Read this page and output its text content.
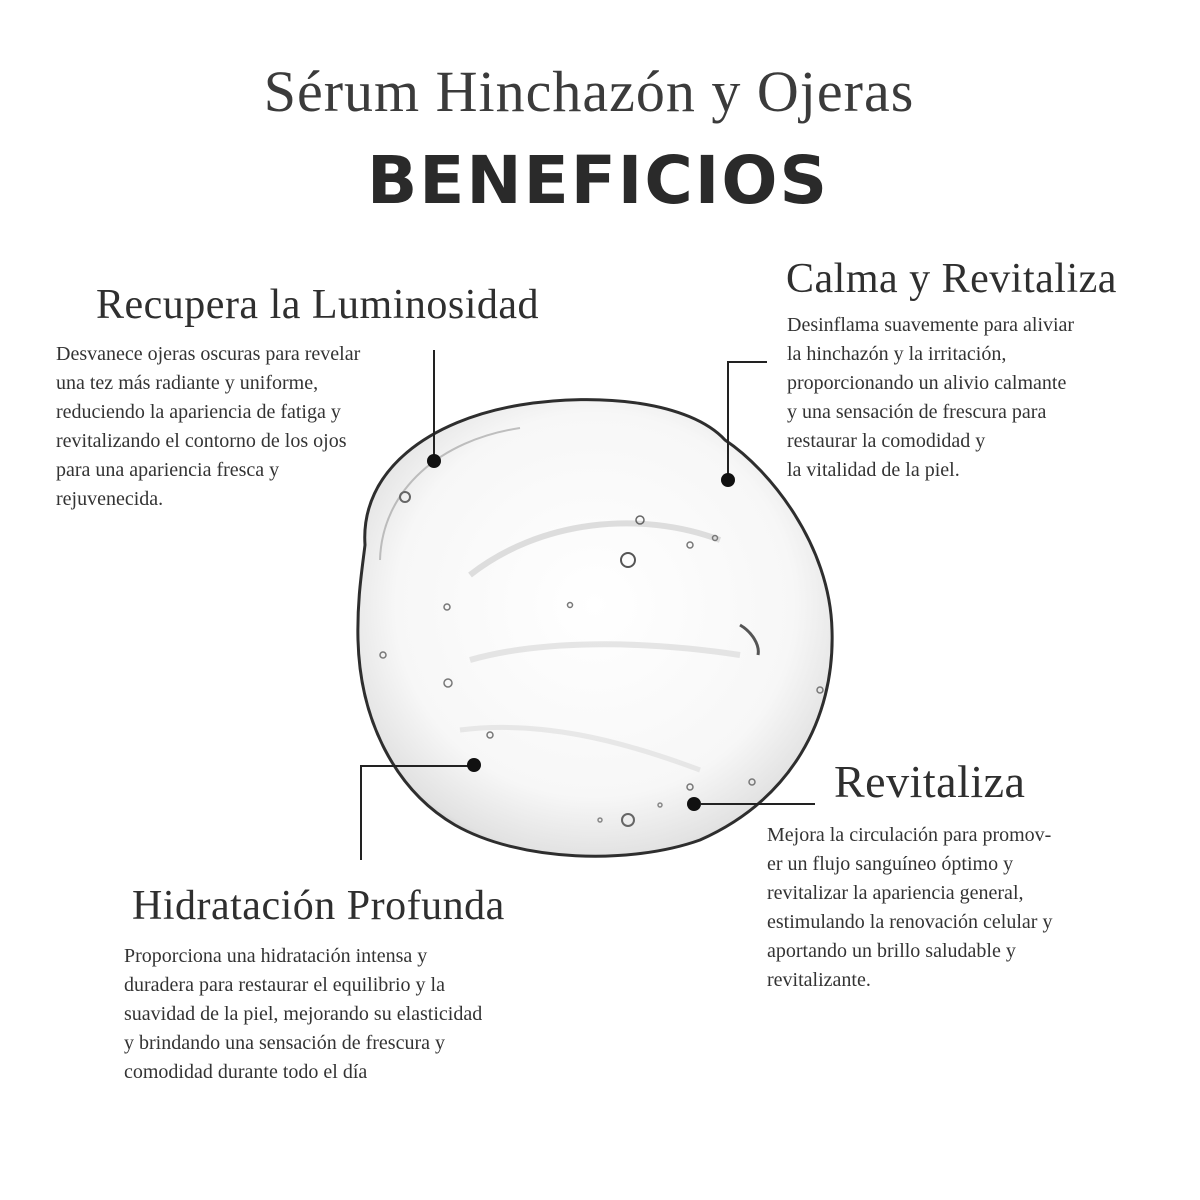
Sérum Hinchazón y Ojeras
BENEFICIOS
Recupera la Luminosidad
Desvanece ojeras oscuras para revelar
una tez más radiante y uniforme,
reduciendo la apariencia de fatiga y
revitalizando el contorno de los ojos
para una apariencia fresca y
rejuvenecida.
Calma y Revitaliza
Desinflama suavemente para aliviar
la hinchazón y la irritación,
proporcionando un alivio calmante
y una sensación de frescura para
restaurar la comodidad y
la vitalidad de la piel.
Revitaliza
Mejora la circulación para promov-
er un flujo sanguíneo óptimo y
revitalizar la apariencia general,
estimulando la renovación celular y
aportando un brillo saludable y
revitalizante.
Hidratación Profunda
Proporciona una hidratación intensa y
duradera para restaurar el equilibrio y la
suavidad de la piel, mejorando su elasticidad
y brindando una sensación de frescura y
comodidad durante todo el día
